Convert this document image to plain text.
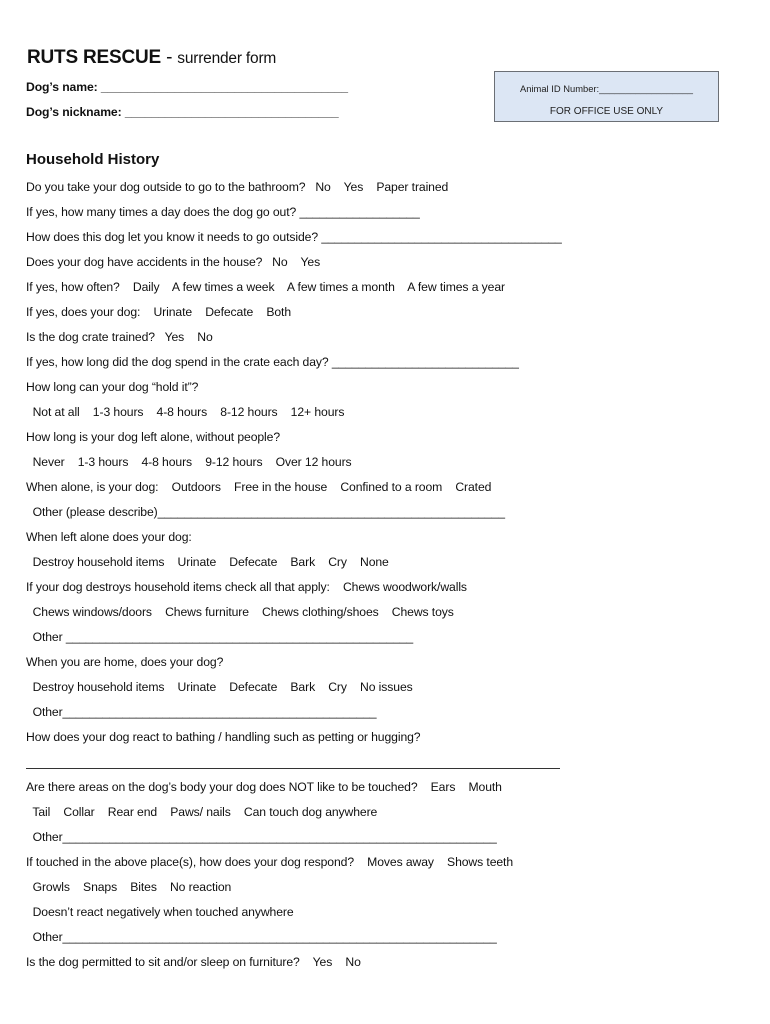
RUTS RESCUE - surrender form
Dog’s name: _____________________________________
Dog’s nickname: ________________________________
Animal ID Number:__________________
FOR OFFICE USE ONLY
Household History
Do you take your dog outside to go to the bathroom?   No    Yes    Paper trained
If yes, how many times a day does the dog go out? __________________
How does this dog let you know it needs to go outside? ____________________________________
Does your dog have accidents in the house?   No    Yes
If yes, how often?    Daily    A few times a week    A few times a month    A few times a year
If yes, does your dog:    Urinate    Defecate    Both
Is the dog crate trained?   Yes    No
If yes, how long did the dog spend in the crate each day? ____________________________
How long can your dog “hold it”?
Not at all    1-3 hours    4-8 hours    8-12 hours    12+ hours
How long is your dog left alone, without people?
Never    1-3 hours    4-8 hours    9-12 hours    Over 12 hours
When alone, is your dog:    Outdoors    Free in the house    Confined to a room    Crated
Other (please describe)____________________________________________________
When left alone does your dog:
Destroy household items    Urinate    Defecate    Bark    Cry    None
If your dog destroys household items check all that apply:    Chews woodwork/walls
Chews windows/doors    Chews furniture    Chews clothing/shoes    Chews toys
Other ____________________________________________________
When you are home, does your dog?
Destroy household items    Urinate    Defecate    Bark    Cry    No issues
Other_______________________________________________
How does your dog react to bathing / handling such as petting or hugging?
Are there areas on the dog’s body your dog does NOT like to be touched?    Ears    Mouth
Tail    Collar    Rear end    Paws/ nails    Can touch dog anywhere
Other_________________________________________________________________
If touched in the above place(s), how does your dog respond?    Moves away    Shows teeth
Growls    Snaps    Bites    No reaction
Doesn’t react negatively when touched anywhere
Other_________________________________________________________________
Is the dog permitted to sit and/or sleep on furniture?    Yes    No
